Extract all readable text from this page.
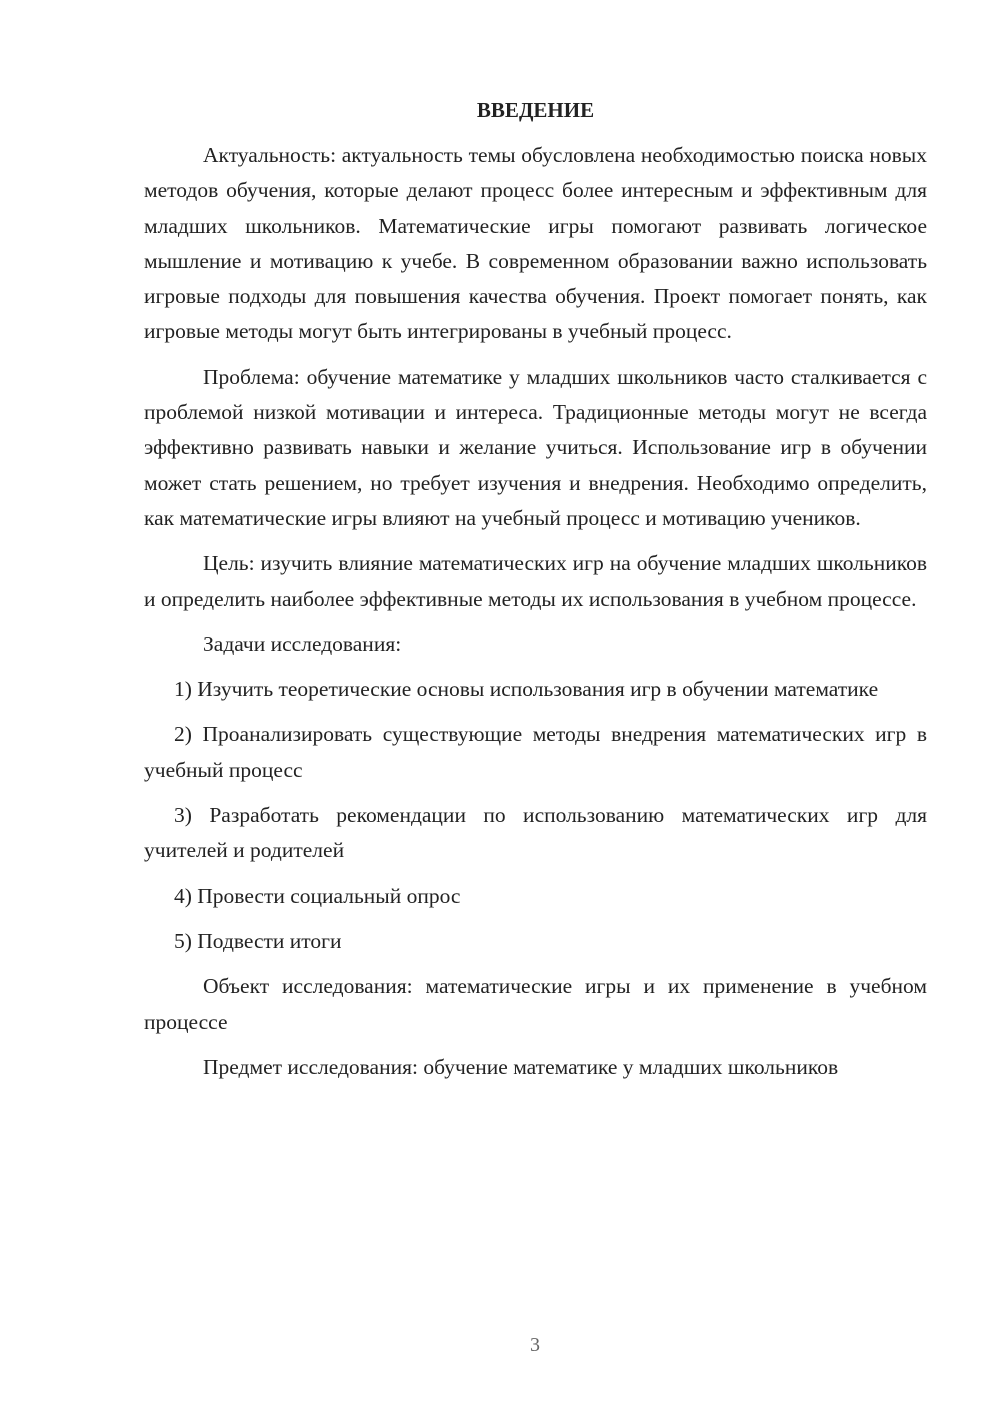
ВВЕДЕНИЕ

Актуальность: актуальность темы обусловлена необходимостью поиска новых методов обучения, которые делают процесс более интересным и эффективным для младших школьников. Математические игры помогают развивать логическое мышление и мотивацию к учебе. В современном образовании важно использовать игровые подходы для повышения качества обучения. Проект помогает понять, как игровые методы могут быть интегрированы в учебный процесс.

Проблема: обучение математике у младших школьников часто сталкивается с проблемой низкой мотивации и интереса. Традиционные методы могут не всегда эффективно развивать навыки и желание учиться. Использование игр в обучении может стать решением, но требует изучения и внедрения. Необходимо определить, как математические игры влияют на учебный процесс и мотивацию учеников.

Цель: изучить влияние математических игр на обучение младших школьников и определить наиболее эффективные методы их использования в учебном процессе.

Задачи исследования:

1) Изучить теоретические основы использования игр в обучении математике

2) Проанализировать существующие методы внедрения математических игр в учебный процесс

3) Разработать рекомендации по использованию математических игр для учителей и родителей

4) Провести социальный опрос

5) Подвести итоги

Объект исследования: математические игры и их применение в учебном процессе

Предмет исследования: обучение математике у младших школьников

3
